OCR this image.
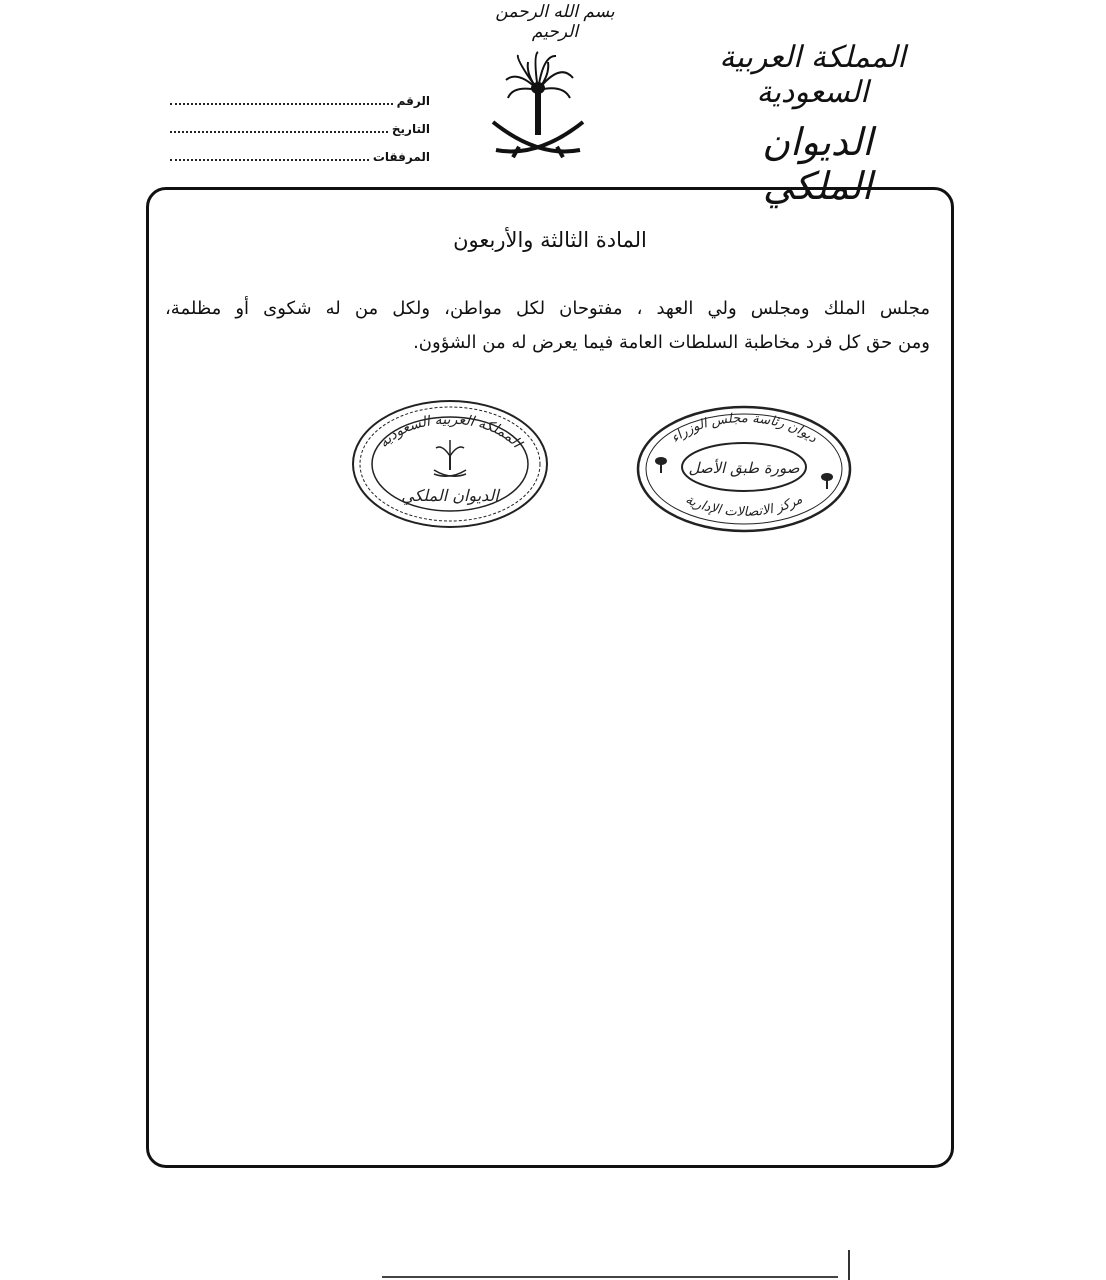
بسم الله الرحمن الرحيم
المملكة العربية السعودية
الديوان الملكي
الرقم
التاريخ
المرفقات
المادة الثالثة والأربعون
مجلس الملك ومجلس ولي العهد ، مفتوحان لكل مواطن، ولكل من له شكوى أو مظلمة،
ومن حق كل فرد مخاطبة السلطات العامة فيما يعرض له من الشؤون.
المملكة العربية السعودية
الديوان الملكي
ديوان رئاسة مجلس الوزراء
مركز الاتصالات الإدارية
صورة طبق الأصل
